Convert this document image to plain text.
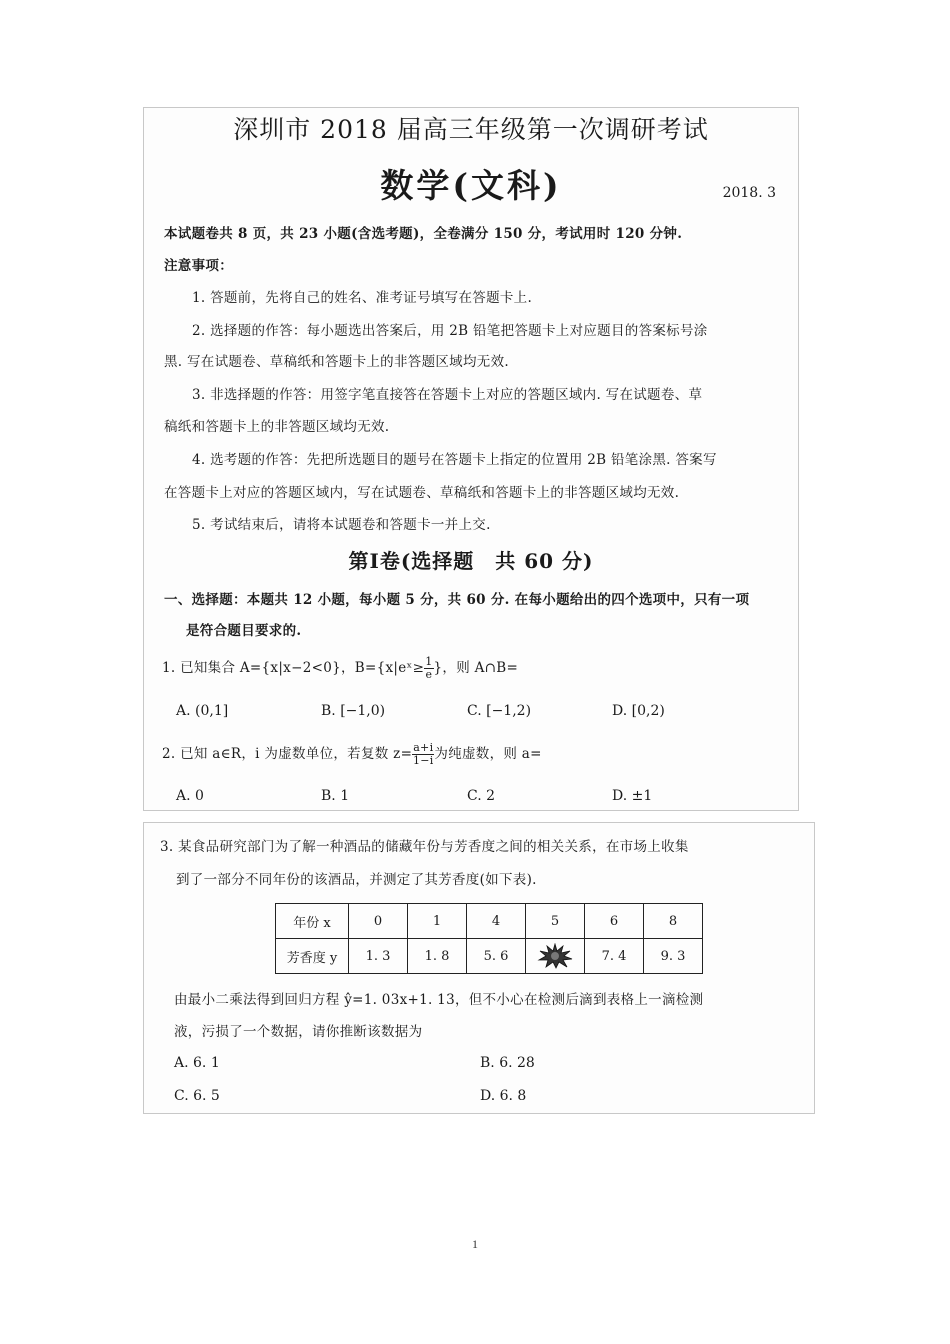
深圳市 2018 届高三年级第一次调研考试
数学(文科)	2018. 3
本试题卷共 8 页，共 23 小题(含选考题)，全卷满分 150 分，考试用时 120 分钟.
注意事项：
1. 答题前，先将自己的姓名、准考证号填写在答题卡上.
2. 选择题的作答：每小题选出答案后，用 2B 铅笔把答题卡上对应题目的答案标号涂
黑. 写在试题卷、草稿纸和答题卡上的非答题区域均无效.
3. 非选择题的作答：用签字笔直接答在答题卡上对应的答题区域内. 写在试题卷、草
稿纸和答题卡上的非答题区域均无效.
4. 选考题的作答：先把所选题目的题号在答题卡上指定的位置用 2B 铅笔涂黑. 答案写
在答题卡上对应的答题区域内，写在试题卷、草稿纸和答题卡上的非答题区域均无效.
5. 考试结束后，请将本试题卷和答题卡一并上交.
第Ⅰ卷(选择题　共 60 分)
一、选择题：本题共 12 小题，每小题 5 分，共 60 分. 在每小题给出的四个选项中，只有一项
是符合题目要求的.
1. 已知集合 A={x|x−2<0}，B={x|eˣ≥ $\frac{1}{e}$ }，则 A∩B=
A. (0,1]	B. [−1,0)	C. [−1,2)	D. [0,2)
2. 已知 a∈R，i 为虚数单位，若复数 $z= \frac{a+i}{1-i}$ 为纯虚数，则 a=
A. 0	B. 1	C. 2	D. ±1
3. 某食品研究部门为了解一种酒品的储藏年份与芳香度之间的相关关系，在市场上收集
到了一部分不同年份的该酒品，并测定了其芳香度(如下表).
年份 x	0	1	4	5	6	8
芳香度 y	1. 3	1. 8	5. 6		7. 4	9. 3
由最小二乘法得到回归方程 ŷ=1. 03x+1. 13，但不小心在检测后滴到表格上一滴检测
液，污损了一个数据，请你推断该数据为
A. 6. 1	B. 6. 28
C. 6. 5	D. 6. 8
1
